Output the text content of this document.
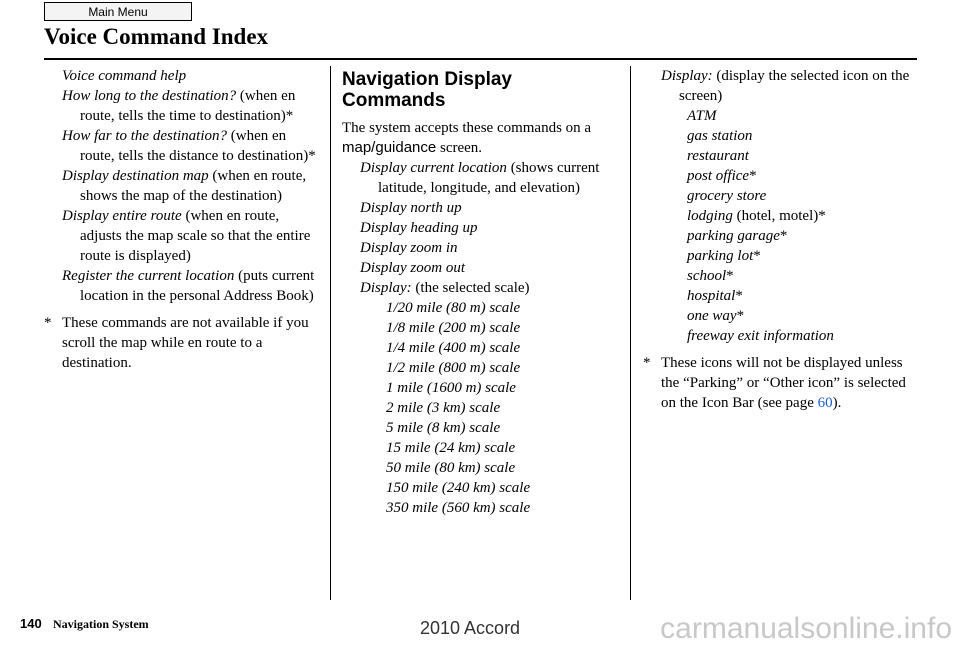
Main Menu
Voice Command Index
Voice command help
How long to the destination? (when en route, tells the time to destination)*
How far to the destination? (when en route, tells the distance to destination)*
Display destination map (when en route, shows the map of the destination)
Display entire route (when en route, adjusts the map scale so that the entire route is displayed)
Register the current location (puts current location in the personal Address Book)
* These commands are not available if you scroll the map while en route to a destination.
Navigation Display Commands
The system accepts these commands on a map/guidance screen.
Display current location (shows current latitude, longitude, and elevation)
Display north up
Display heading up
Display zoom in
Display zoom out
Display: (the selected scale)
1/20 mile (80 m) scale
1/8 mile (200 m) scale
1/4 mile (400 m) scale
1/2 mile (800 m) scale
1 mile (1600 m) scale
2 mile (3 km) scale
5 mile (8 km) scale
15 mile (24 km) scale
50 mile (80 km) scale
150 mile (240 km) scale
350 mile (560 km) scale
Display: (display the selected icon on the screen)
ATM
gas station
restaurant
post office*
grocery store
lodging (hotel, motel)*
parking garage*
parking lot*
school*
hospital*
one way*
freeway exit information
* These icons will not be displayed unless the “Parking” or “Other icon” is selected on the Icon Bar (see page 60).
140 Navigation System	2010 Accord	carmanualsonline.info
